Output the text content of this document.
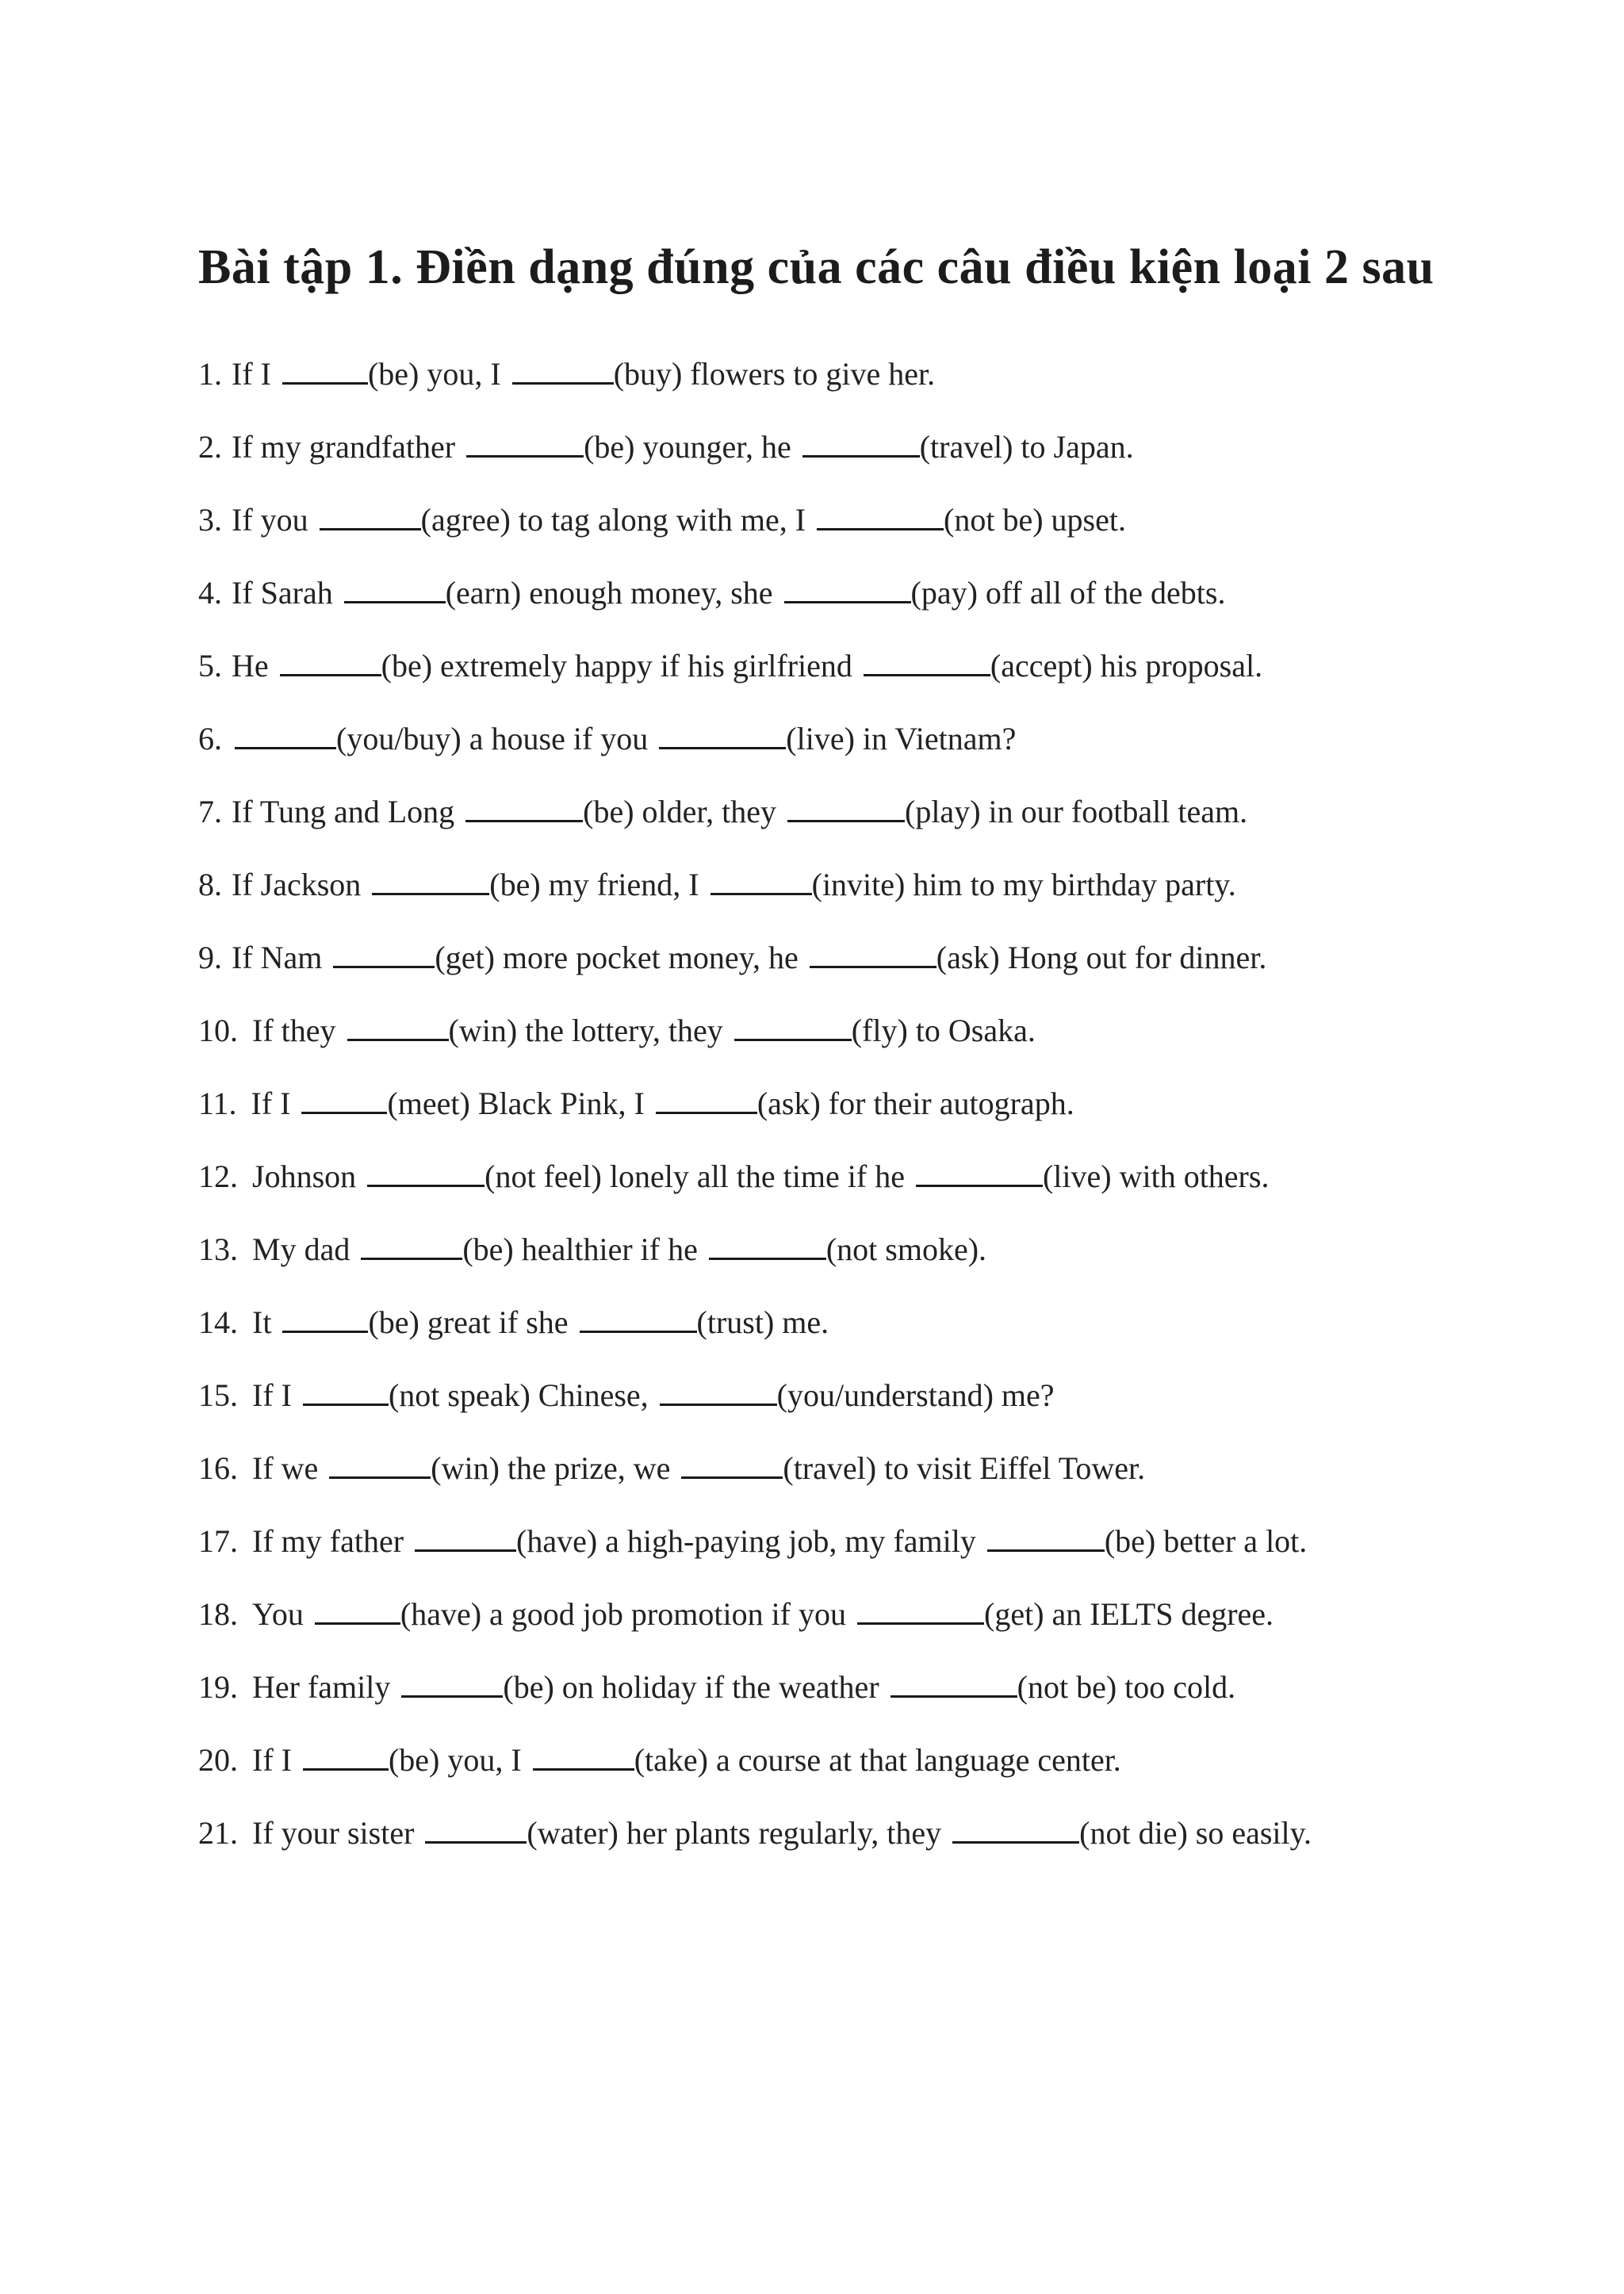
Bài tập 1. Điền dạng đúng của các câu điều kiện loại 2 sau
1. If I	(be) you, I	(buy) flowers to give her.
2. If my grandfather	(be) younger, he	(travel) to Japan.
3. If you	(agree) to tag along with me, I	(not be) upset.
4. If Sarah	(earn) enough money, she	(pay) off all of the debts.
5. He	(be) extremely happy if his girlfriend	(accept) his proposal.
6.	(you/buy) a house if you	(live) in Vietnam?
7. If Tung and Long	(be) older, they	(play) in our football team.
8. If Jackson	(be) my friend, I	(invite) him to my birthday party.
9. If Nam	(get) more pocket money, he	(ask) Hong out for dinner.
10. If they	(win) the lottery, they	(fly) to Osaka.
11. If I	(meet) Black Pink, I	(ask) for their autograph.
12. Johnson	(not feel) lonely all the time if he	(live) with others.
13. My dad	(be) healthier if he	(not smoke).
14. It	(be) great if she	(trust) me.
15. If I	(not speak) Chinese,	(you/understand) me?
16. If we	(win) the prize, we	(travel) to visit Eiffel Tower.
17. If my father	(have) a high-paying job, my family	(be) better a lot.
18. You	(have) a good job promotion if you	(get) an IELTS degree.
19. Her family	(be) on holiday if the weather	(not be) too cold.
20. If I	(be) you, I	(take) a course at that language center.
21. If your sister	(water) her plants regularly, they	(not die) so easily.
